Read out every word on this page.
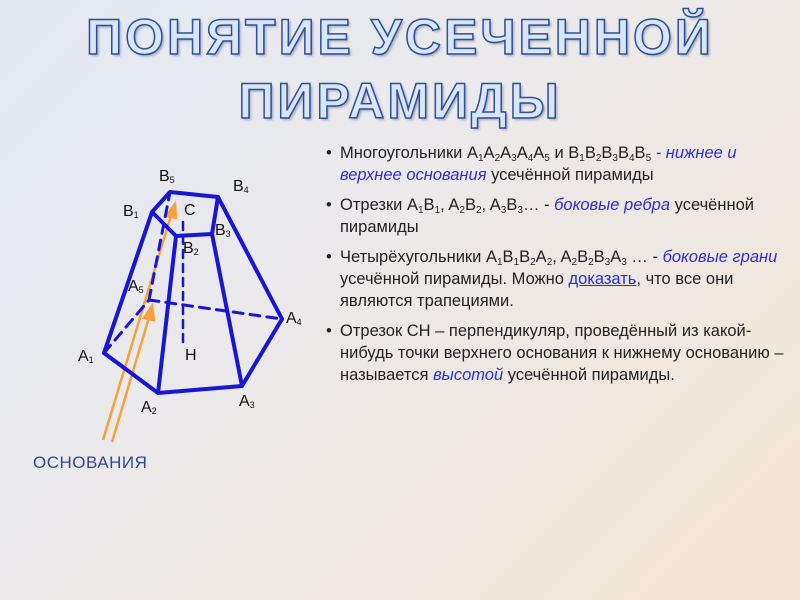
ПОНЯТИЕ УСЕЧЕННОЙ
ПИРАМИДЫ
B5	B4
B1	C
B3
B2
A5
A4
H
A1
A3
A2
ОСНОВАНИЯ
• Многоугольники $A_1A_2A_3A_4A_5$ и $B_1B_2B_3B_4B_5$ - нижнее и верхнее основания усечённой пирамиды
• Отрезки $A_1B_1$, $A_2B_2$, $A_3B_3\dots$ - боковые ребра усечённой пирамиды
• Четырёхугольники $A_1B_1B_2A_2$, $A_2B_2B_3A_3$ … - боковые грани усечённой пирамиды. Можно доказать, что все они являются трапециями.
• Отрезок СН – перпендикуляр, проведённый из какой-нибудь точки верхнего основания к нижнему основанию – называется высотой усечённой пирамиды.
